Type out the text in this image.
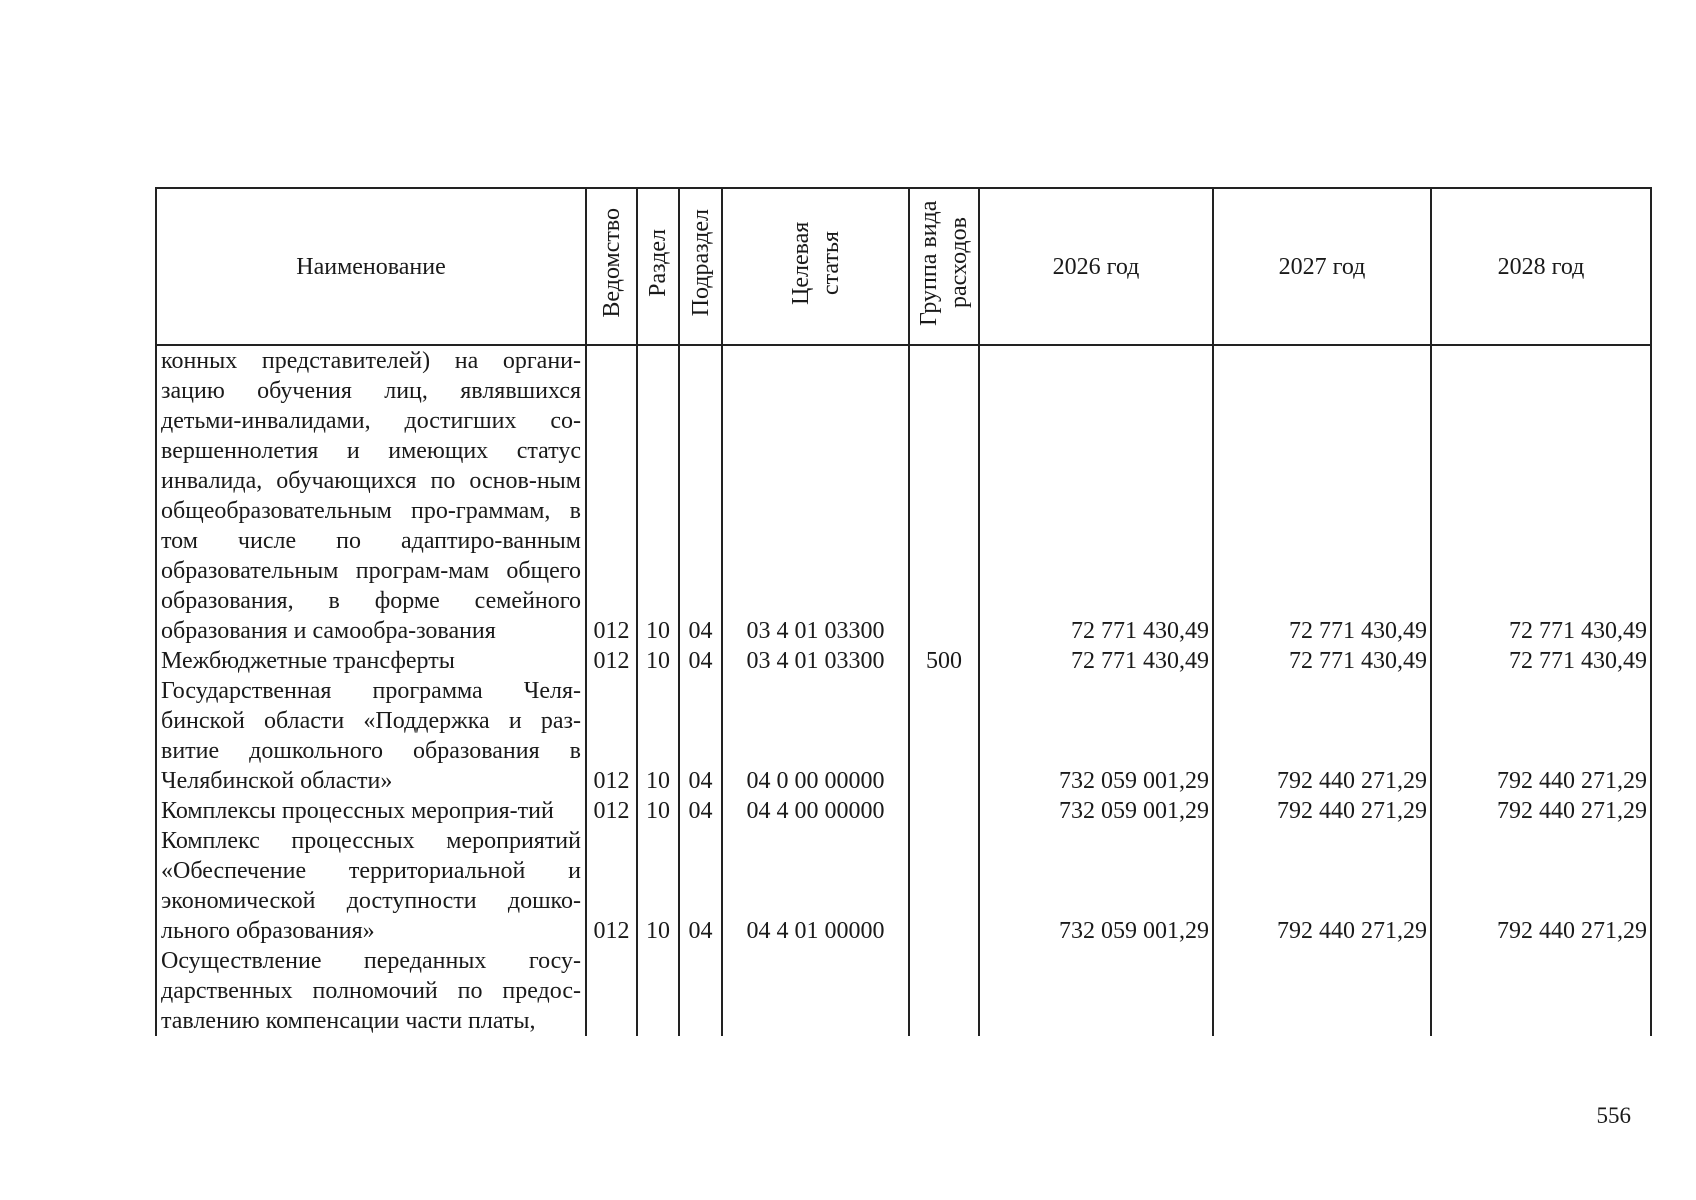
Наименование	Ведомство	Раздел	Подраздел	Целевая статья	Группа вида расходов	2026 год	2027 год	2028 год
конных представителей) на органи-зацию обучения лиц, являвшихся детьми-инвалидами, достигших со-вершеннолетия и имеющих статус инвалида, обучающихся по основ-ным общеобразовательным про-граммам, в том числе по адаптиро-ванным образовательным програм-мам общего образования, в форме семейного образования и самообра-зования	012	10	04	03 4 01 03300		72 771 430,49	72 771 430,49	72 771 430,49
Межбюджетные трансферты	012	10	04	03 4 01 03300	500	72 771 430,49	72 771 430,49	72 771 430,49
Государственная программа Челя-бинской области «Поддержка и раз-витие дошкольного образования в Челябинской области»	012	10	04	04 0 00 00000		732 059 001,29	792 440 271,29	792 440 271,29
Комплексы процессных мероприя-тий	012	10	04	04 4 00 00000		732 059 001,29	792 440 271,29	792 440 271,29
Комплекс процессных мероприятий «Обеспечение территориальной и экономической доступности дошко-льного образования»	012	10	04	04 4 01 00000		732 059 001,29	792 440 271,29	792 440 271,29
Осуществление переданных госу-дарственных полномочий по предос-тавлению компенсации части платы,								
556
